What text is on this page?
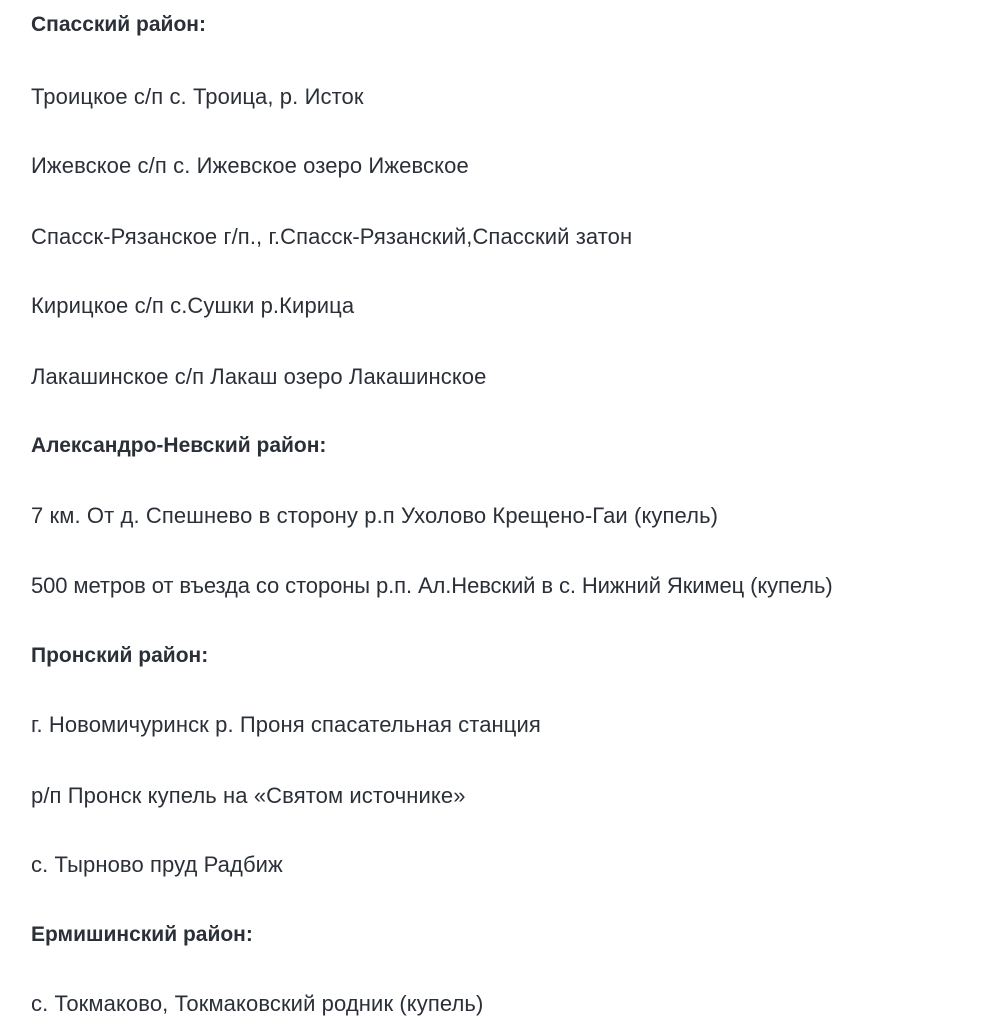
Спасский район:
Троицкое с/п с. Троица, р. Исток
Ижевское с/п с. Ижевское озеро Ижевское
Спасск-Рязанское г/п., г.Спасск-Рязанский,Спасский затон
Кирицкое с/п с.Сушки р.Кирица
Лакашинское с/п Лакаш озеро Лакашинское
Александро-Невский район:
7 км. От д. Спешнево в сторону р.п Ухолово Крещено-Гаи (купель)
500 метров от въезда со стороны р.п. Ал.Невский в с. Нижний Якимец (купель)
Пронский район:
г. Новомичуринск р. Проня спасательная станция
р/п Пронск купель на «Святом источнике»
с. Тырново пруд Радбиж
Ермишинский район:
с. Токмаково, Токмаковский родник (купель)
